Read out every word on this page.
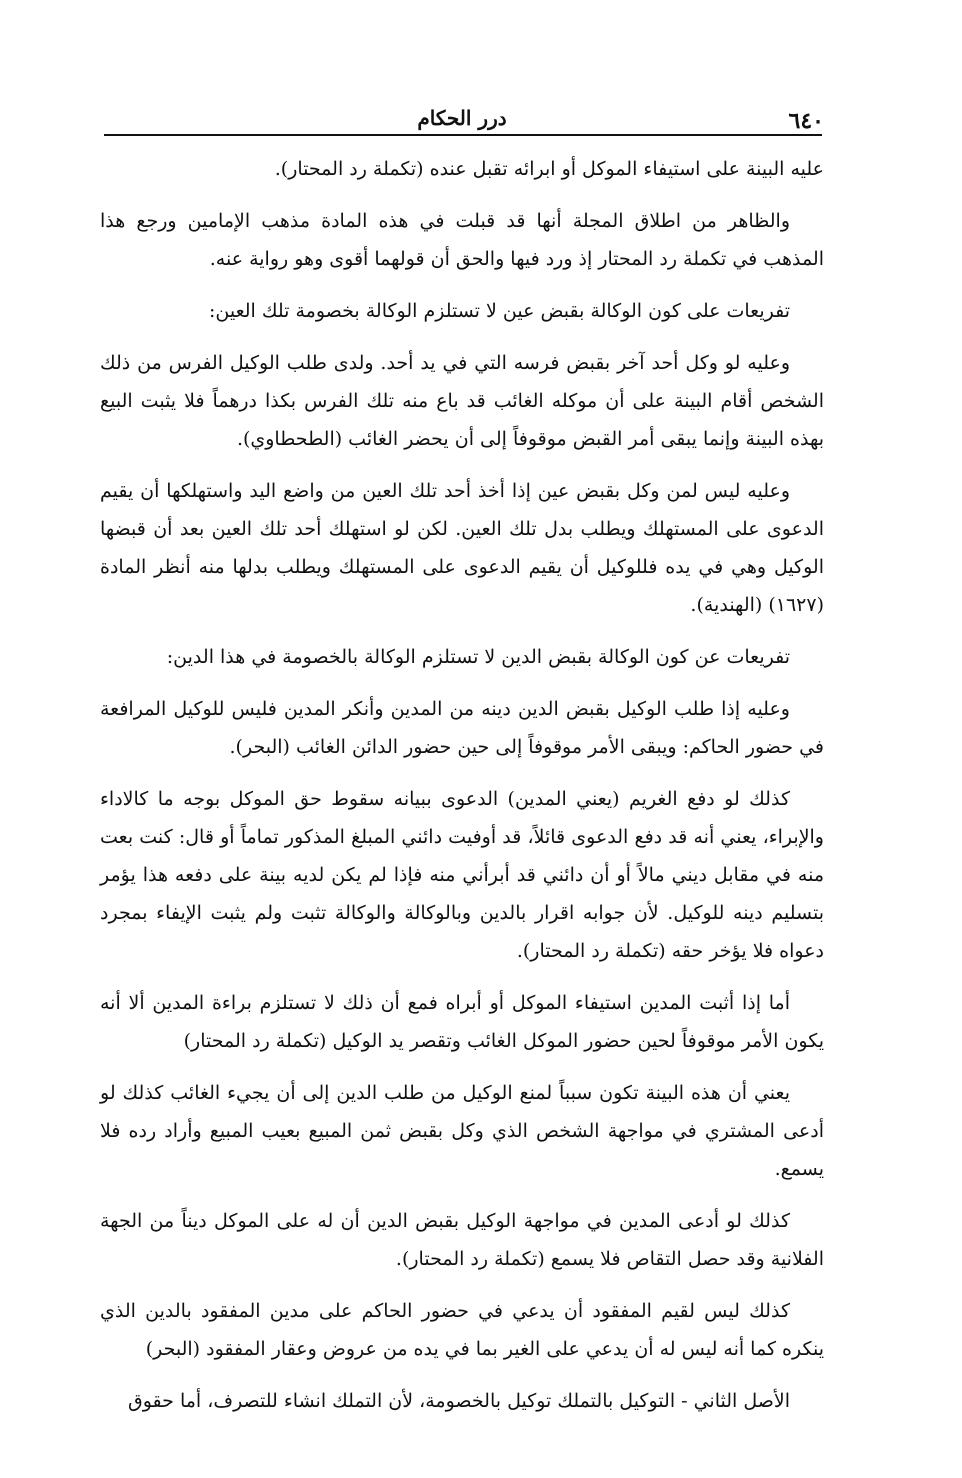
٦٤٠
درر الحكام

عليه البينة على استيفاء الموكل أو ابرائه تقبل عنده (تكملة رد المحتار).

والظاهر من اطلاق المجلة أنها قد قبلت في هذه المادة مذهب الإمامين ورجع هذا المذهب في تكملة رد المحتار إذ ورد فيها والحق أن قولهما أقوى وهو رواية عنه.

تفريعات على كون الوكالة بقبض عين لا تستلزم الوكالة بخصومة تلك العين:

وعليه لو وكل أحد آخر بقبض فرسه التي في يد أحد. ولدى طلب الوكيل الفرس من ذلك الشخص أقام البينة على أن موكله الغائب قد باع منه تلك الفرس بكذا درهماً فلا يثبت البيع بهذه البينة وإنما يبقى أمر القبض موقوفاً إلى أن يحضر الغائب (الطحطاوي).

وعليه ليس لمن وكل بقبض عين إذا أخذ أحد تلك العين من واضع اليد واستهلكها أن يقيم الدعوى على المستهلك ويطلب بدل تلك العين. لكن لو استهلك أحد تلك العين بعد أن قبضها الوكيل وهي في يده فللوكيل أن يقيم الدعوى على المستهلك ويطلب بدلها منه أنظر المادة (١٦٢٧) (الهندية).

تفريعات عن كون الوكالة بقبض الدين لا تستلزم الوكالة بالخصومة في هذا الدين:

وعليه إذا طلب الوكيل بقبض الدين دينه من المدين وأنكر المدين فليس للوكيل المرافعة في حضور الحاكم: ويبقى الأمر موقوفاً إلى حين حضور الدائن الغائب (البحر).

كذلك لو دفع الغريم (يعني المدين) الدعوى ببيانه سقوط حق الموكل بوجه ما كالاداء والإبراء، يعني أنه قد دفع الدعوى قائلاً، قد أوفيت دائني المبلغ المذكور تماماً أو قال: كنت بعت منه في مقابل ديني مالاً أو أن دائني قد أبرأني منه فإذا لم يكن لديه بينة على دفعه هذا يؤمر بتسليم دينه للوكيل. لأن جوابه اقرار بالدين وبالوكالة والوكالة تثبت ولم يثبت الإيفاء بمجرد دعواه فلا يؤخر حقه (تكملة رد المحتار).

أما إذا أثبت المدين استيفاء الموكل أو أبراه فمع أن ذلك لا تستلزم براءة المدين ألا أنه يكون الأمر موقوفاً لحين حضور الموكل الغائب وتقصر يد الوكيل (تكملة رد المحتار)

يعني أن هذه البينة تكون سبباً لمنع الوكيل من طلب الدين إلى أن يجيء الغائب كذلك لو أدعى المشتري في مواجهة الشخص الذي وكل بقبض ثمن المبيع بعيب المبيع وأراد رده فلا يسمع.

كذلك لو أدعى المدين في مواجهة الوكيل بقبض الدين أن له على الموكل ديناً من الجهة الفلانية وقد حصل التقاص فلا يسمع (تكملة رد المحتار).

كذلك ليس لقيم المفقود أن يدعي في حضور الحاكم على مدين المفقود بالدين الذي ينكره كما أنه ليس له أن يدعي على الغير بما في يده من عروض وعقار المفقود (البحر)

الأصل الثاني - التوكيل بالتملك توكيل بالخصومة، لأن التملك انشاء للتصرف، أما حقوق
